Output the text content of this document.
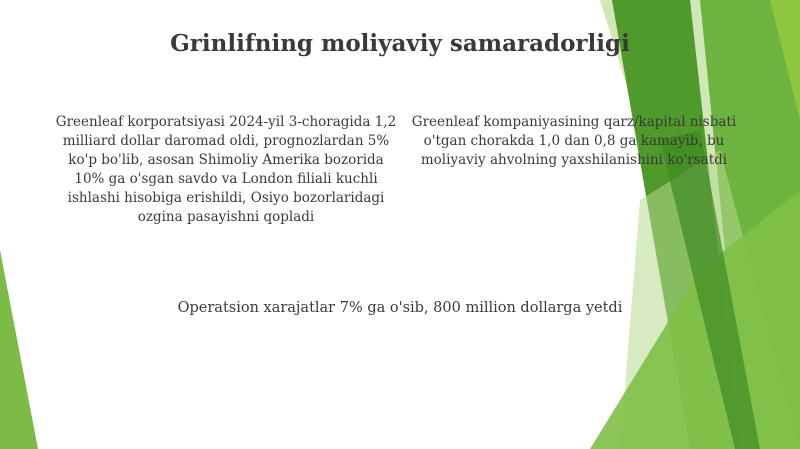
Grinlifning moliyaviy samaradorligi

Greenleaf korporatsiyasi 2024-yil 3-choragida 1,2 milliard dollar daromad oldi, prognozlardan 5% ko'p bo'lib, asosan Shimoliy Amerika bozorida 10% ga o'sgan savdo va London filiali kuchli ishlashi hisobiga erishildi, Osiyo bozorlaridagi ozgina pasayishni qopladi

Greenleaf kompaniyasining qarz/kapital nisbati o'tgan chorakda 1,0 dan 0,8 ga kamayib, bu moliyaviy ahvolning yaxshilanishini ko'rsatdi

Operatsion xarajatlar 7% ga o'sib, 800 million dollarga yetdi
